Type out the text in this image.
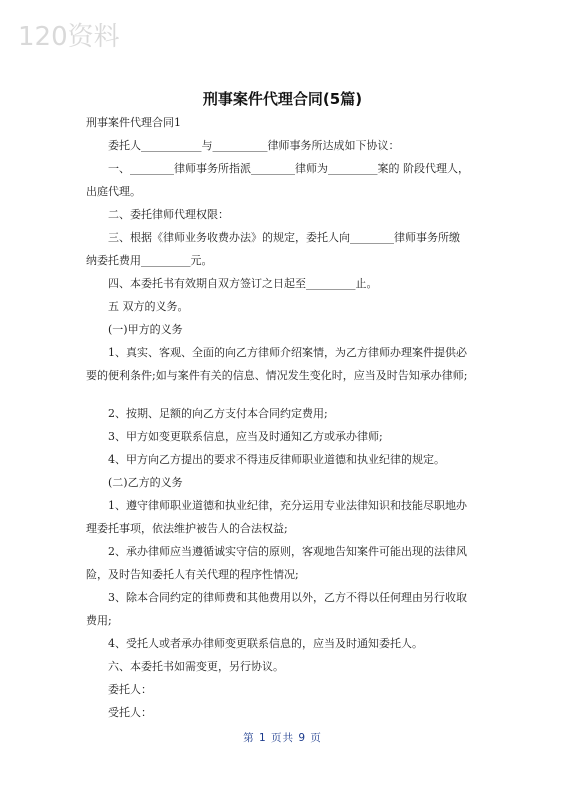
120资料
刑事案件代理合同(5篇)
刑事案件代理合同1
委托人___________与__________律师事务所达成如下协议：
一、________律师事务所指派________律师为_________案的 阶段代理人，
出庭代理。
二、委托律师代理权限：
三、根据《律师业务收费办法》的规定，委托人向________律师事务所缴
纳委托费用_________元。
四、本委托书有效期自双方签订之日起至_________止。
五 双方的义务。
(一)甲方的义务
1、真实、客观、全面的向乙方律师介绍案情，为乙方律师办理案件提供必
要的便利条件;如与案件有关的信息、情况发生变化时，应当及时告知承办律师;
2、按期、足额的向乙方支付本合同约定费用;
3、甲方如变更联系信息，应当及时通知乙方或承办律师;
4、甲方向乙方提出的要求不得违反律师职业道德和执业纪律的规定。
(二)乙方的义务
1、遵守律师职业道德和执业纪律，充分运用专业法律知识和技能尽职地办
理委托事项，依法维护被告人的合法权益;
2、承办律师应当遵循诚实守信的原则，客观地告知案件可能出现的法律风
险，及时告知委托人有关代理的程序性情况;
3、除本合同约定的律师费和其他费用以外，乙方不得以任何理由另行收取
费用;
4、受托人或者承办律师变更联系信息的，应当及时通知委托人。
六、本委托书如需变更，另行协议。
委托人：
受托人：
第 1 页共 9 页
